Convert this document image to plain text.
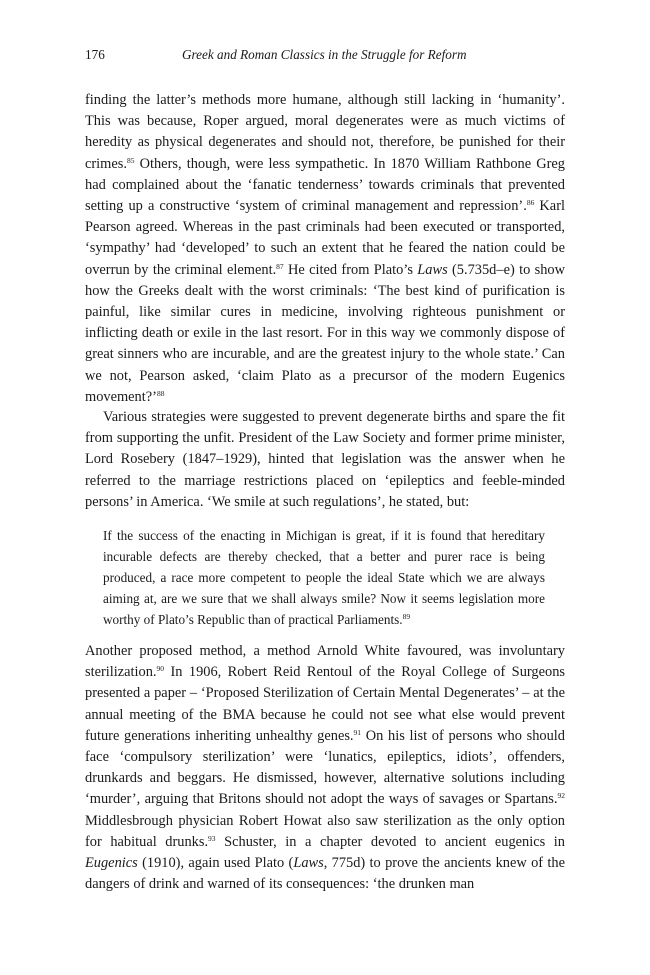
176	Greek and Roman Classics in the Struggle for Reform

finding the latter’s methods more humane, although still lacking in ‘humanity’. This was because, Roper argued, moral degenerates were as much victims of heredity as physical degenerates and should not, therefore, be punished for their crimes.$^{85}$ Others, though, were less sympathetic. In 1870 William Rathbone Greg had complained about the ‘fanatic tenderness’ towards criminals that prevented setting up a constructive ‘system of criminal management and repression’.$^{86}$ Karl Pearson agreed. Whereas in the past criminals had been executed or transported, ‘sympathy’ had ‘developed’ to such an extent that he feared the nation could be overrun by the criminal element.$^{87}$ He cited from Plato’s Laws (5.735d–e) to show how the Greeks dealt with the worst criminals: ‘The best kind of purification is painful, like similar cures in medicine, involving righteous punishment or inflicting death or exile in the last resort. For in this way we commonly dispose of great sinners who are incurable, and are the greatest injury to the whole state.’ Can we not, Pearson asked, ‘claim Plato as a precursor of the modern Eugenics movement?’$^{88}$

Various strategies were suggested to prevent degenerate births and spare the fit from supporting the unfit. President of the Law Society and former prime minister, Lord Rosebery (1847–1929), hinted that legislation was the answer when he referred to the marriage restrictions placed on ‘epileptics and feeble-minded persons’ in America. ‘We smile at such regulations’, he stated, but:

If the success of the enacting in Michigan is great, if it is found that hereditary incurable defects are thereby checked, that a better and purer race is being produced, a race more competent to people the ideal State which we are always aiming at, are we sure that we shall always smile? Now it seems legislation more worthy of Plato’s Republic than of practical Parliaments.$^{89}$

Another proposed method, a method Arnold White favoured, was involuntary sterilization.$^{90}$ In 1906, Robert Reid Rentoul of the Royal College of Surgeons presented a paper – ‘Proposed Sterilization of Certain Mental Degenerates’ – at the annual meeting of the BMA because he could not see what else would prevent future generations inheriting unhealthy genes.$^{91}$ On his list of persons who should face ‘compulsory sterilization’ were ‘lunatics, epileptics, idiots’, offenders, drunkards and beggars. He dismissed, however, alternative solutions including ‘murder’, arguing that Britons should not adopt the ways of savages or Spartans.$^{92}$ Middlesbrough physician Robert Howat also saw sterilization as the only option for habitual drunks.$^{93}$ Schuster, in a chapter devoted to ancient eugenics in Eugenics (1910), again used Plato (Laws, 775d) to prove the ancients knew of the dangers of drink and warned of its consequences: ‘the drunken man
